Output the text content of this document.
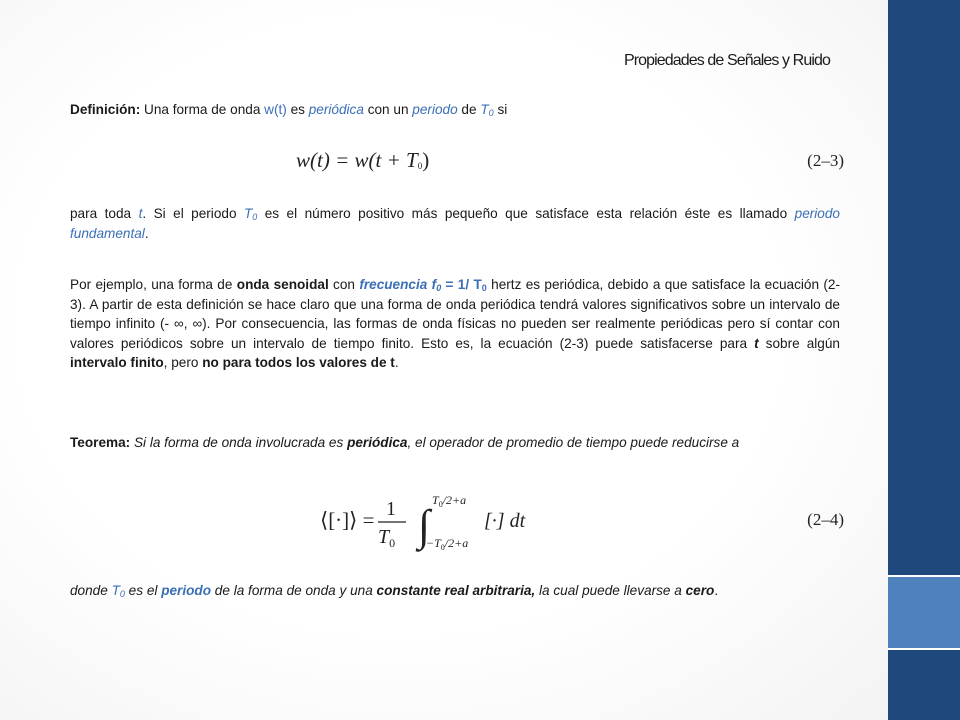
Propiedades de Señales y Ruido

Definición: Una forma de onda w(t) es periódica con un periodo de $T_0$ si

$w(t) = w(t + T_0)$	(2–3)

para toda t. Si el periodo $T_0$ es el número positivo más pequeño que satisface esta relación éste es llamado periodo fundamental.

Por ejemplo, una forma de onda senoidal con frecuencia $f_0 = 1/$ $T_0$ hertz es periódica, debido a que satisface la ecuación (2-3). A partir de esta definición se hace claro que una forma de onda periódica tendrá valores significativos sobre un intervalo de tiempo infinito (- ∞, ∞). Por consecuencia, las formas de onda físicas no pueden ser realmente periódicas pero sí contar con valores periódicos sobre un intervalo de tiempo finito. Esto es, la ecuación (2-3) puede satisfacerse para t sobre algún intervalo finito, pero no para todos los valores de t.

Teorema: Si la forma de onda involucrada es periódica, el operador de promedio de tiempo puede reducirse a

⟨[·]⟩ = 1
$T_0$ ∫
$T_0/2+a$
$-T_0/2+a$
[·] dt	(2–4)

donde $T_0$ es el periodo de la forma de onda y una constante real arbitraria, la cual puede llevarse a cero.
